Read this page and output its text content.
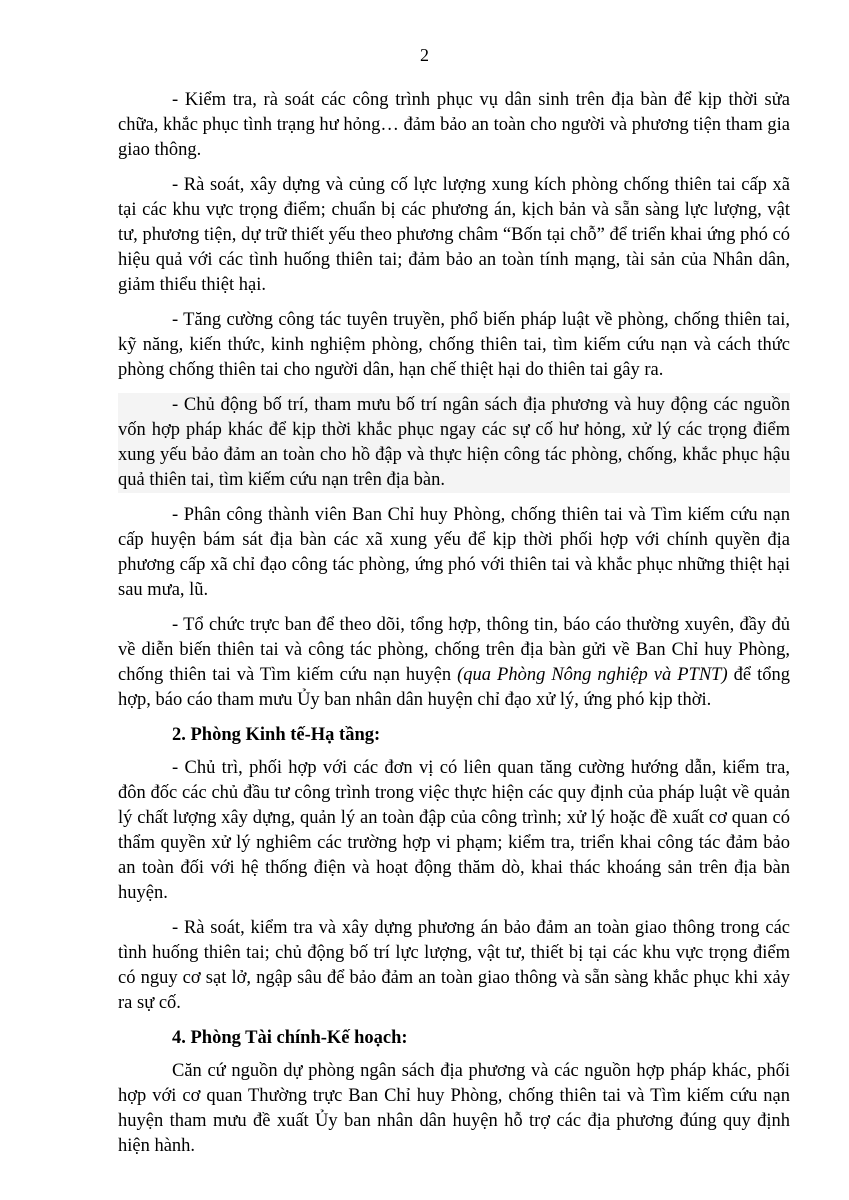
2

- Kiểm tra, rà soát các công trình phục vụ dân sinh trên địa bàn để kịp thời sửa chữa, khắc phục tình trạng hư hỏng… đảm bảo an toàn cho người và phương tiện tham gia giao thông.

- Rà soát, xây dựng và củng cố lực lượng xung kích phòng chống thiên tai cấp xã tại các khu vực trọng điểm; chuẩn bị các phương án, kịch bản và sẵn sàng lực lượng, vật tư, phương tiện, dự trữ thiết yếu theo phương châm “Bốn tại chỗ” để triển khai ứng phó có hiệu quả với các tình huống thiên tai; đảm bảo an toàn tính mạng, tài sản của Nhân dân, giảm thiểu thiệt hại.

- Tăng cường công tác tuyên truyền, phổ biến pháp luật về phòng, chống thiên tai, kỹ năng, kiến thức, kinh nghiệm phòng, chống thiên tai, tìm kiếm cứu nạn và cách thức phòng chống thiên tai cho người dân, hạn chế thiệt hại do thiên tai gây ra.

- Chủ động bố trí, tham mưu bố trí ngân sách địa phương và huy động các nguồn vốn hợp pháp khác để kịp thời khắc phục ngay các sự cố hư hỏng, xử lý các trọng điểm xung yếu bảo đảm an toàn cho hồ đập và thực hiện công tác phòng, chống, khắc phục hậu quả thiên tai, tìm kiếm cứu nạn trên địa bàn.

- Phân công thành viên Ban Chỉ huy Phòng, chống thiên tai và Tìm kiếm cứu nạn cấp huyện bám sát địa bàn các xã xung yếu để kịp thời phối hợp với chính quyền địa phương cấp xã chỉ đạo công tác phòng, ứng phó với thiên tai và khắc phục những thiệt hại sau mưa, lũ.

- Tổ chức trực ban để theo dõi, tổng hợp, thông tin, báo cáo thường xuyên, đầy đủ về diễn biến thiên tai và công tác phòng, chống trên địa bàn gửi về Ban Chỉ huy Phòng, chống thiên tai và Tìm kiếm cứu nạn huyện (qua Phòng Nông nghiệp và PTNT) để tổng hợp, báo cáo tham mưu Ủy ban nhân dân huyện chỉ đạo xử lý, ứng phó kịp thời.

2. Phòng Kinh tế-Hạ tầng:

- Chủ trì, phối hợp với các đơn vị có liên quan tăng cường hướng dẫn, kiểm tra, đôn đốc các chủ đầu tư công trình trong việc thực hiện các quy định của pháp luật về quản lý chất lượng xây dựng, quản lý an toàn đập của công trình; xử lý hoặc đề xuất cơ quan có thẩm quyền xử lý nghiêm các trường hợp vi phạm; kiểm tra, triển khai công tác đảm bảo an toàn đối với hệ thống điện và hoạt động thăm dò, khai thác khoáng sản trên địa bàn huyện.

- Rà soát, kiểm tra và xây dựng phương án bảo đảm an toàn giao thông trong các tình huống thiên tai; chủ động bố trí lực lượng, vật tư, thiết bị tại các khu vực trọng điểm có nguy cơ sạt lở, ngập sâu để bảo đảm an toàn giao thông và sẵn sàng khắc phục khi xảy ra sự cố.

4. Phòng Tài chính-Kế hoạch:

Căn cứ nguồn dự phòng ngân sách địa phương và các nguồn hợp pháp khác, phối hợp với cơ quan Thường trực Ban Chỉ huy Phòng, chống thiên tai và Tìm kiếm cứu nạn huyện tham mưu đề xuất Ủy ban nhân dân huyện hỗ trợ các địa phương đúng quy định hiện hành.
